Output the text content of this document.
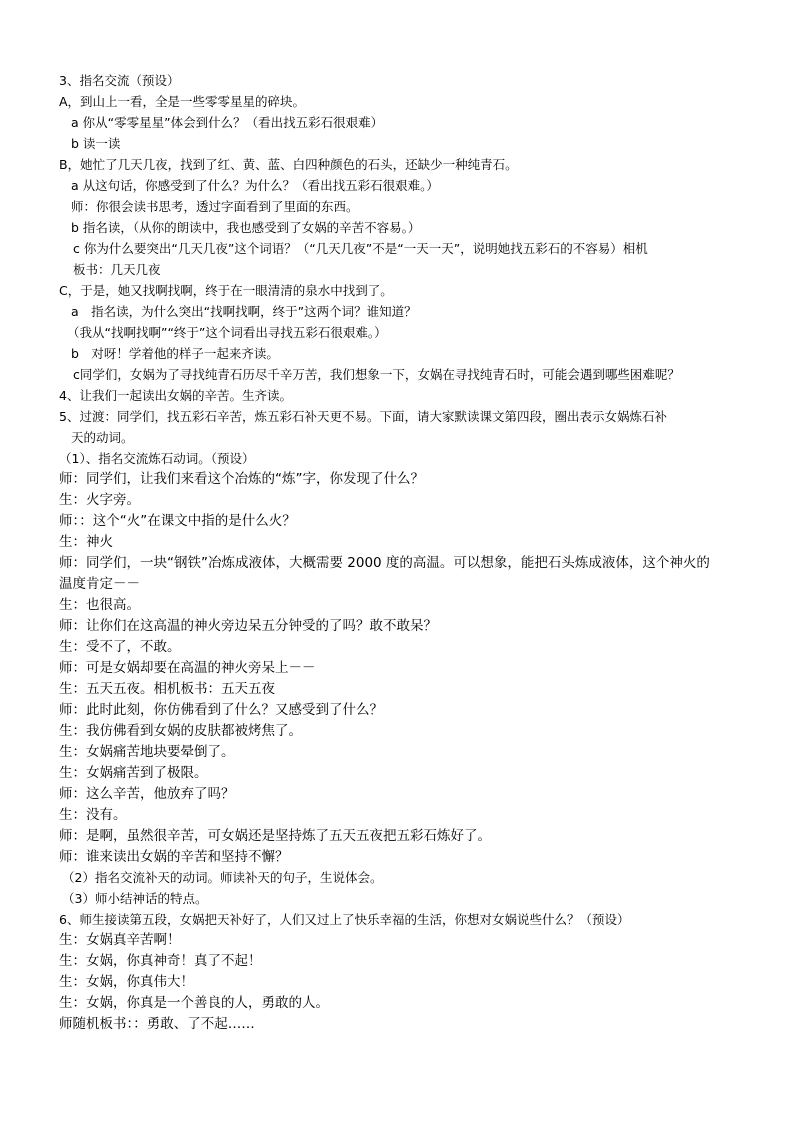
3、指名交流（预设）
A，到山上一看，全是一些零零星星的碎块。
a 你从“零零星星”体会到什么？（看出找五彩石很艰难）
b 读一读
B，她忙了几天几夜，找到了红、黄、蓝、白四种颜色的石头，还缺少一种纯青石。
a 从这句话，你感受到了什么？为什么？（看出找五彩石很艰难。）
师：你很会读书思考，透过字面看到了里面的东西。
b 指名读，（从你的朗读中，我也感受到了女娲的辛苦不容易。）
c 你为什么要突出“几天几夜”这个词语？（“几天几夜”不是“一天一天”，说明她找五彩石的不容易）相机
板书：几天几夜
C，于是，她又找啊找啊，终于在一眼清清的泉水中找到了。
a　指名读，为什么突出“找啊找啊，终于”这两个词？谁知道？
（我从“找啊找啊”“终于”这个词看出寻找五彩石很艰难。）
b　对呀！学着他的样子一起来齐读。
c同学们，女娲为了寻找纯青石历尽千辛万苦，我们想象一下，女娲在寻找纯青石时，可能会遇到哪些困难呢？
4、让我们一起读出女娲的辛苦。生齐读。
5、过渡：同学们，找五彩石辛苦，炼五彩石补天更不易。下面，请大家默读课文第四段，圈出表示女娲炼石补
天的动词。
（1）、指名交流炼石动词。（预设）
师：同学们，让我们来看这个冶炼的“炼”字，你发现了什么？
生：火字旁。
师：：这个“火”在课文中指的是什么火？
生：神火
师：同学们，一块“钢铁”冶炼成液体，大概需要 2000 度的高温。可以想象，能把石头炼成液体，这个神火的
温度肯定－－
生：也很高。
师：让你们在这高温的神火旁边呆五分钟受的了吗？敢不敢呆？
生：受不了，不敢。
师：可是女娲却要在高温的神火旁呆上－－
生：五天五夜。相机板书：五天五夜
师：此时此刻，你仿佛看到了什么？又感受到了什么？
生：我仿佛看到女娲的皮肤都被烤焦了。
生：女娲痛苦地块要晕倒了。
生：女娲痛苦到了极限。
师：这么辛苦，他放弃了吗？
生：没有。
师：是啊，虽然很辛苦，可女娲还是坚持炼了五天五夜把五彩石炼好了。
师：谁来读出女娲的辛苦和坚持不懈？
（2）指名交流补天的动词。师读补天的句子，生说体会。
（3）师小结神话的特点。
6、师生接读第五段，女娲把天补好了，人们又过上了快乐幸福的生活，你想对女娲说些什么？（预设）
生：女娲真辛苦啊！
生：女娲，你真神奇！真了不起！
生：女娲，你真伟大！
生：女娲，你真是一个善良的人，勇敢的人。
师随机板书：：勇敢、了不起……
